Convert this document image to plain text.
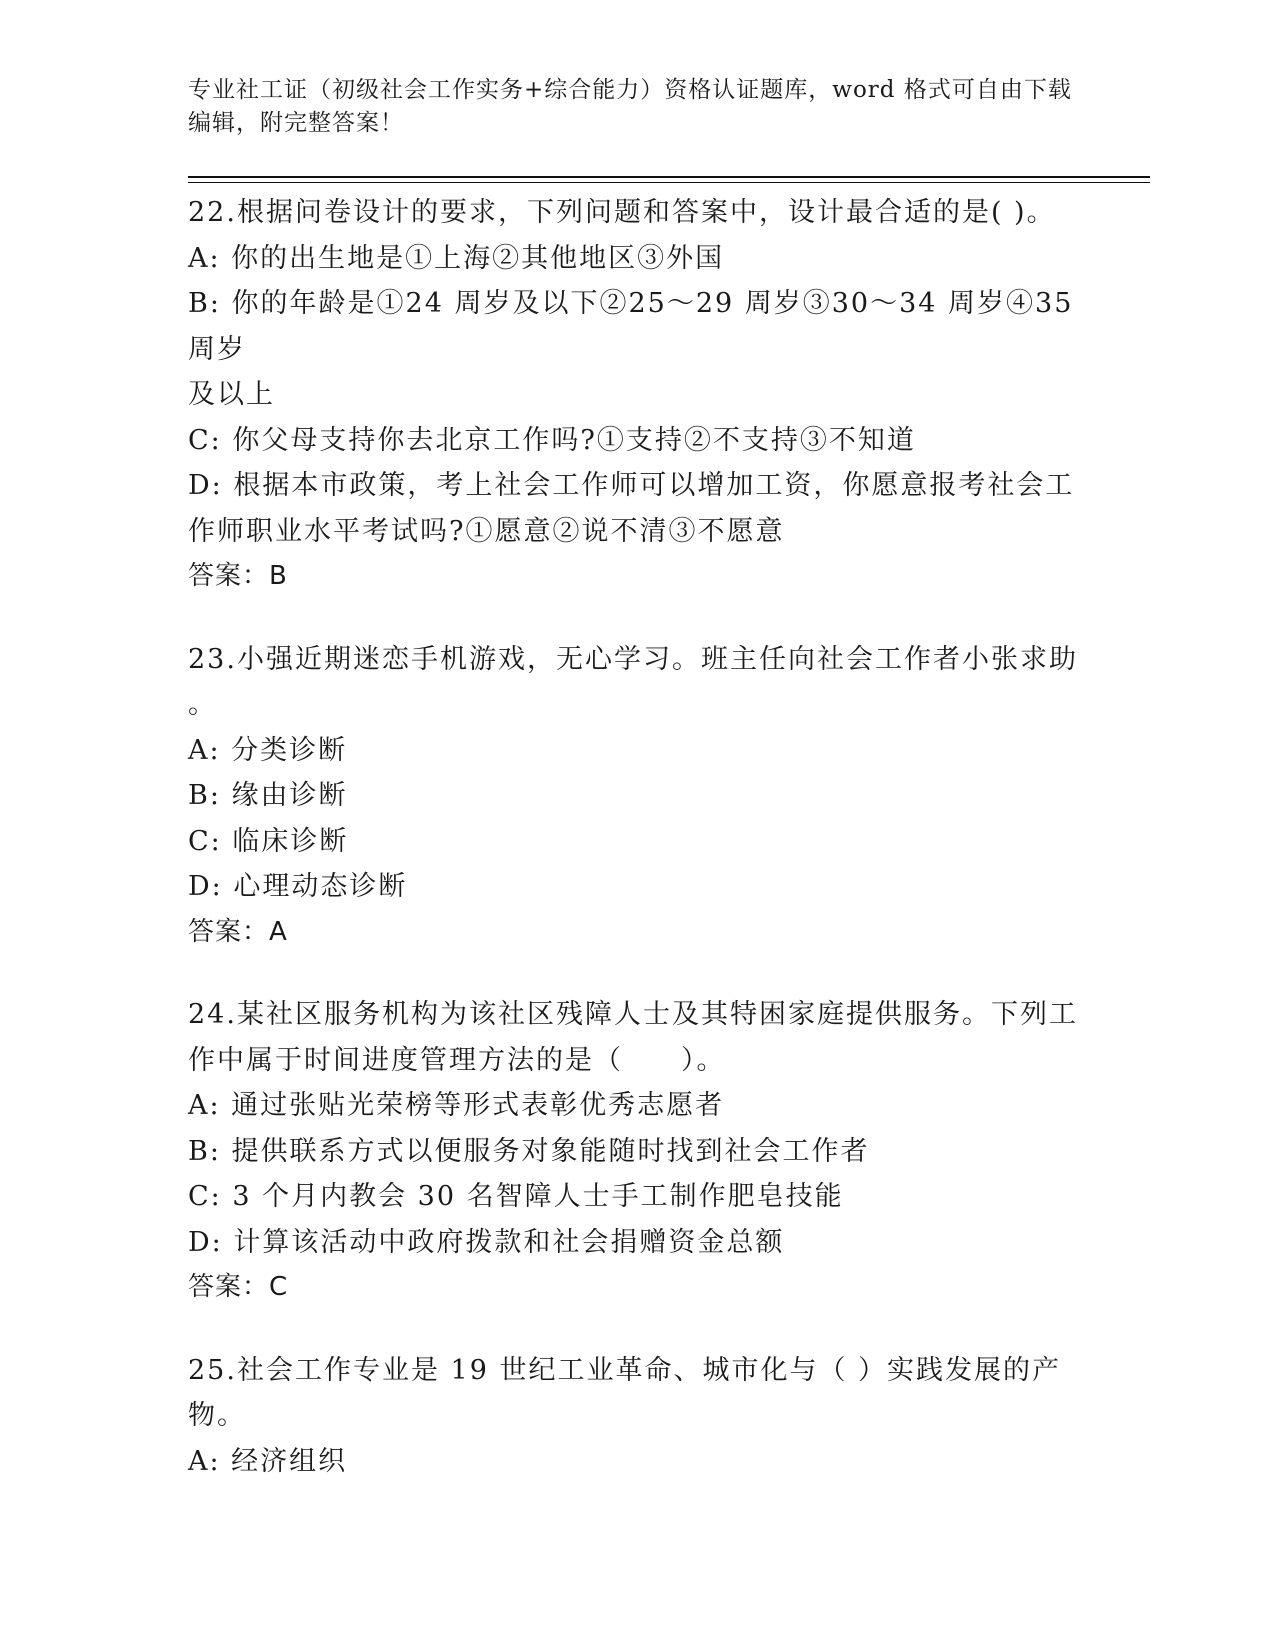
专业社工证（初级社会工作实务+综合能力）资格认证题库，word 格式可自由下载编辑，附完整答案！
22.根据问卷设计的要求，下列问题和答案中，设计最合适的是( )。
A: 你的出生地是①上海②其他地区③外国
B: 你的年龄是①24 周岁及以下②25～29 周岁③30～34 周岁④35 周岁
及以上
C: 你父母支持你去北京工作吗?①支持②不支持③不知道
D: 根据本市政策，考上社会工作师可以增加工资，你愿意报考社会工
作师职业水平考试吗?①愿意②说不清③不愿意
答案：B
23.小强近期迷恋手机游戏，无心学习。班主任向社会工作者小张求助
。
A: 分类诊断
B: 缘由诊断
C: 临床诊断
D: 心理动态诊断
答案：A
24.某社区服务机构为该社区残障人士及其特困家庭提供服务。下列工
作中属于时间进度管理方法的是（　　）。
A: 通过张贴光荣榜等形式表彰优秀志愿者
B: 提供联系方式以便服务对象能随时找到社会工作者
C: 3 个月内教会 30 名智障人士手工制作肥皂技能
D: 计算该活动中政府拨款和社会捐赠资金总额
答案：C
25.社会工作专业是 19 世纪工业革命、城市化与（ ）实践发展的产
物。
A: 经济组织
